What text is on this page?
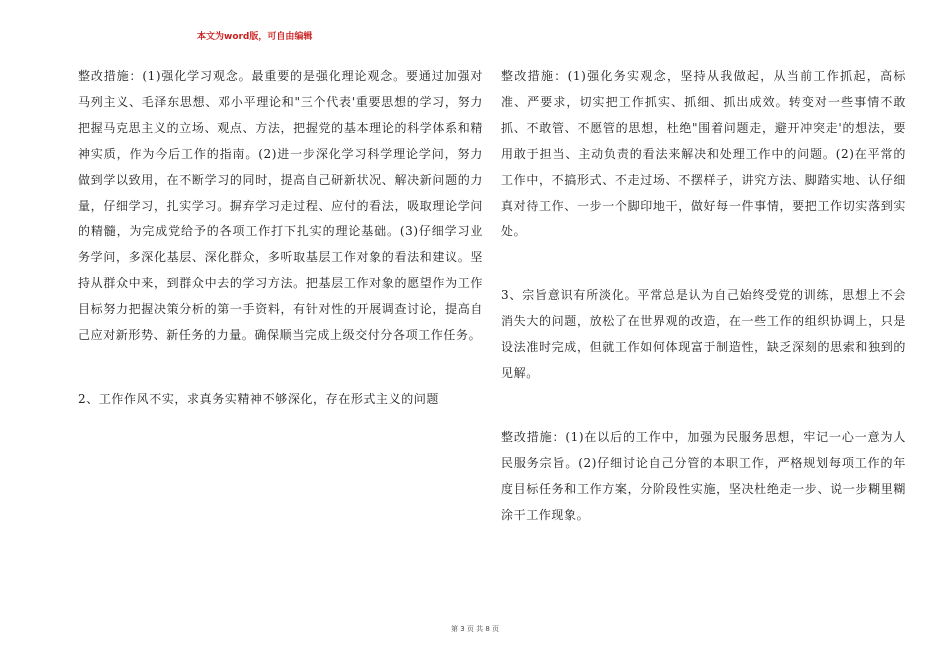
本文为word版，可自由编辑

整改措施：(1)强化学习观念。最重要的是强化理论观念。要通过加强对马列主义、毛泽东思想、邓小平理论和"三个代表'重要思想的学习，努力把握马克思主义的立场、观点、方法，把握党的基本理论的科学体系和精神实质，作为今后工作的指南。(2)进一步深化学习科学理论学问，努力做到学以致用，在不断学习的同时，提高自己研新状况、解决新问题的力量，仔细学习，扎实学习。摒弃学习走过程、应付的看法，吸取理论学问的精髓，为完成党给予的各项工作打下扎实的理论基础。(3)仔细学习业务学问，多深化基层、深化群众，多听取基层工作对象的看法和建议。坚持从群众中来，到群众中去的学习方法。把基层工作对象的愿望作为工作目标努力把握决策分析的第一手资料，有针对性的开展调查讨论，提高自己应对新形势、新任务的力量。确保顺当完成上级交付分各项工作任务。

2、工作作风不实，求真务实精神不够深化，存在形式主义的问题

整改措施：(1)强化务实观念，坚持从我做起，从当前工作抓起，高标准、严要求，切实把工作抓实、抓细、抓出成效。转变对一些事情不敢抓、不敢管、不愿管的思想，杜绝"围着问题走，避开冲突走'的想法，要用敢于担当、主动负责的看法来解决和处理工作中的问题。(2)在平常的工作中，不搞形式、不走过场、不摆样子，讲究方法、脚踏实地、认仔细真对待工作、一步一个脚印地干，做好每一件事情，要把工作切实落到实处。

3、宗旨意识有所淡化。平常总是认为自己始终受党的训练，思想上不会消失大的问题，放松了在世界观的改造，在一些工作的组织协调上，只是设法准时完成，但就工作如何体现富于制造性，缺乏深刻的思索和独到的见解。

整改措施：(1)在以后的工作中，加强为民服务思想，牢记一心一意为人民服务宗旨。(2)仔细讨论自己分管的本职工作，严格规划每项工作的年度目标任务和工作方案，分阶段性实施，坚决杜绝走一步、说一步糊里糊涂干工作现象。

第 3 页 共 8 页
